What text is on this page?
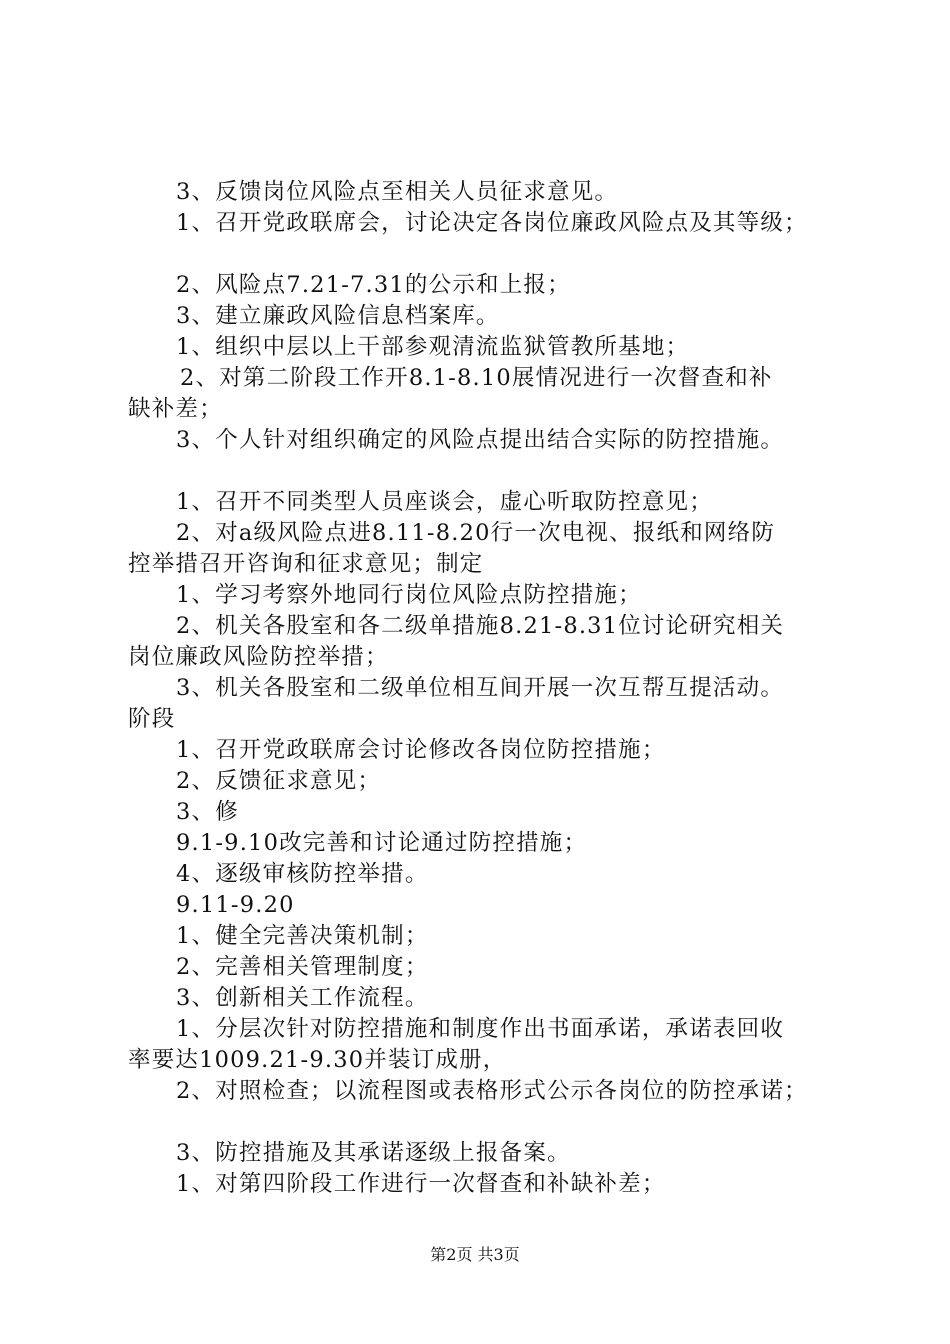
3、反馈岗位风险点至相关人员征求意见。
1、召开党政联席会，讨论决定各岗位廉政风险点及其等级；
2、风险点7.21-7.31的公示和上报；
3、建立廉政风险信息档案库。
1、组织中层以上干部参观清流监狱管教所基地；
2、对第二阶段工作开8.1-8.10展情况进行一次督查和补
缺补差；
3、个人针对组织确定的风险点提出结合实际的防控措施。
1、召开不同类型人员座谈会，虚心听取防控意见；
2、对a级风险点进8.11-8.20行一次电视、报纸和网络防
控举措召开咨询和征求意见；制定
1、学习考察外地同行岗位风险点防控措施；
2、机关各股室和各二级单措施8.21-8.31位讨论研究相关
岗位廉政风险防控举措；
3、机关各股室和二级单位相互间开展一次互帮互提活动。
阶段
1、召开党政联席会讨论修改各岗位防控措施；
2、反馈征求意见；
3、修
9.1-9.10改完善和讨论通过防控措施；
4、逐级审核防控举措。
9.11-9.20
1、健全完善决策机制；
2、完善相关管理制度；
3、创新相关工作流程。
1、分层次针对防控措施和制度作出书面承诺，承诺表回收
率要达1009.21-9.30并装订成册，
2、对照检查；以流程图或表格形式公示各岗位的防控承诺；
3、防控措施及其承诺逐级上报备案。
1、对第四阶段工作进行一次督查和补缺补差；
第2页 共3页
